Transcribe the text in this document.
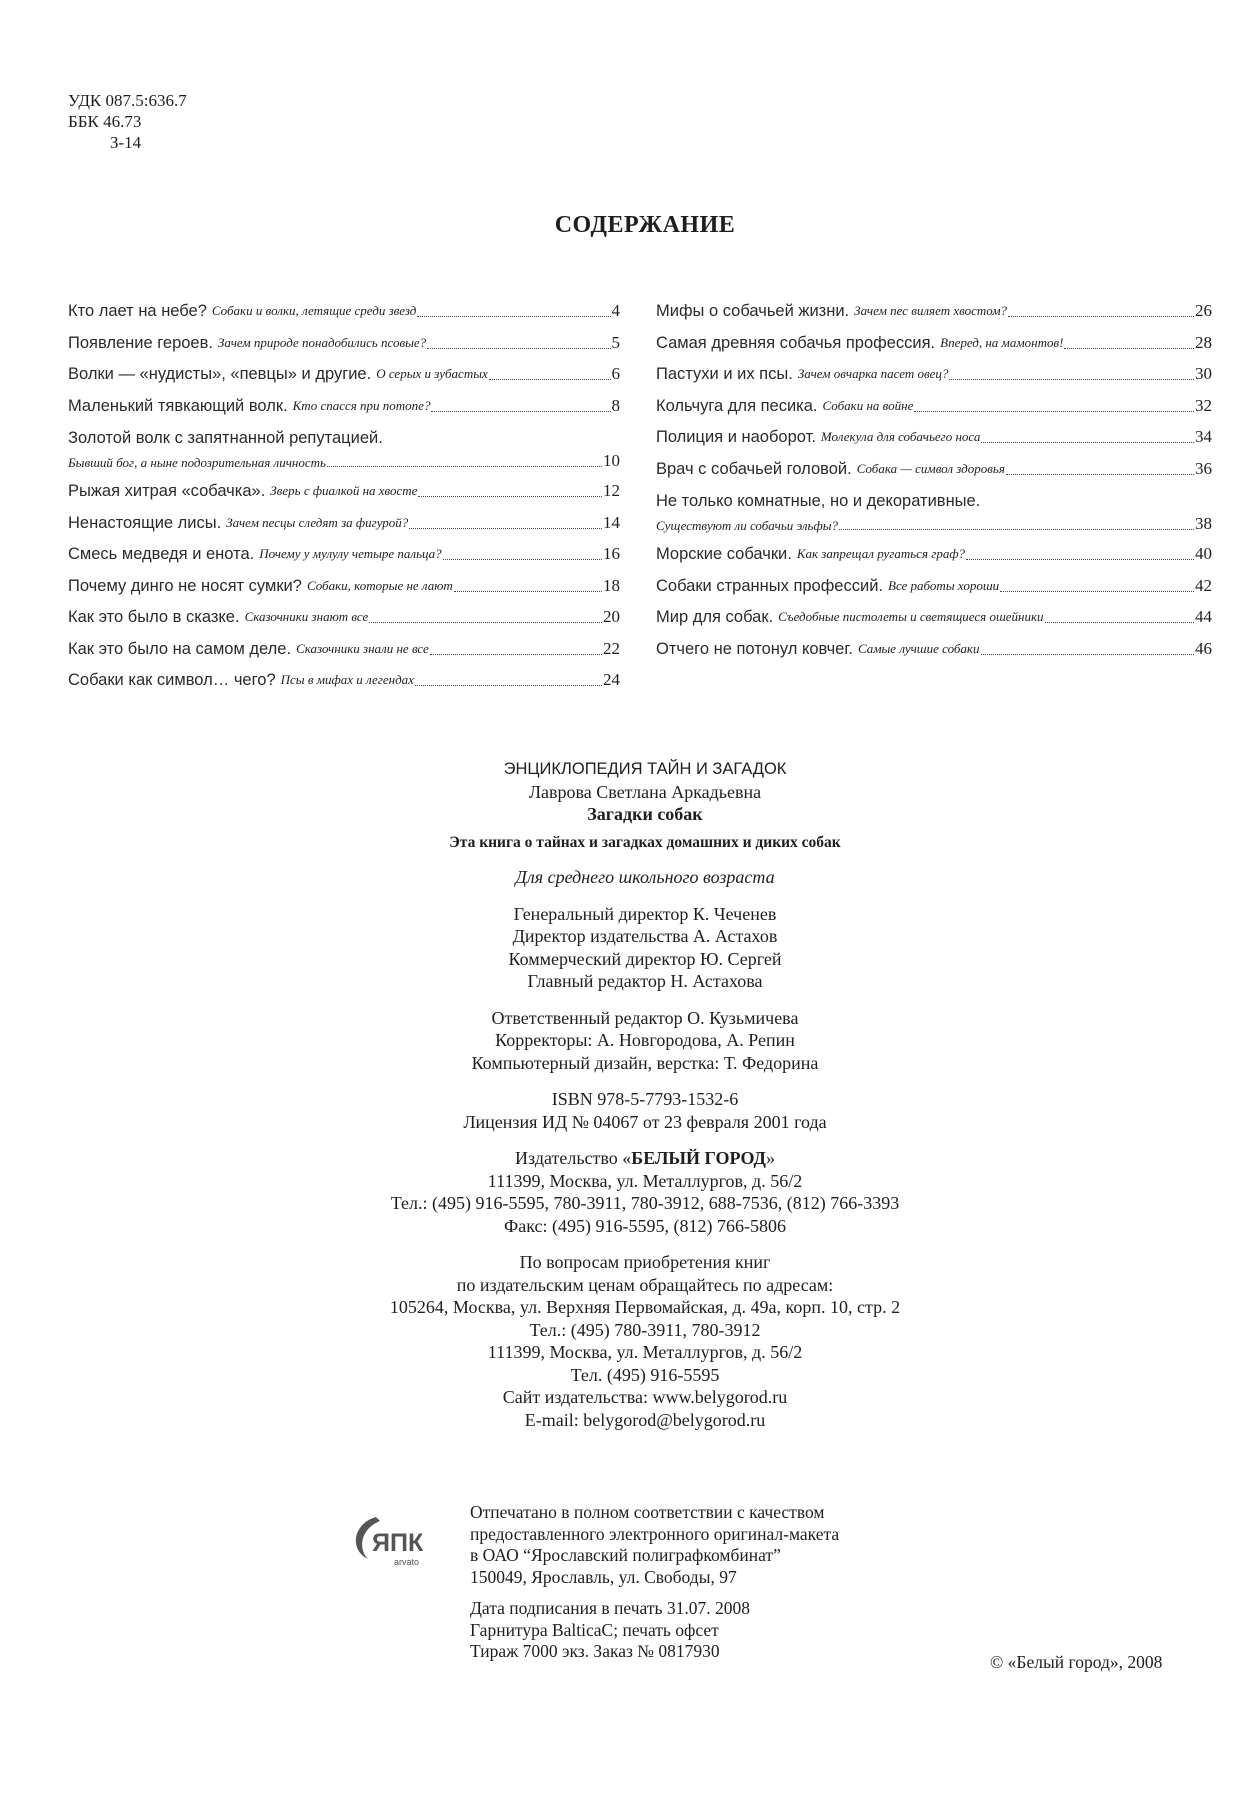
УДК 087.5:636.7
ББК 46.73
З-14
СОДЕРЖАНИЕ
Кто лает на небе? Собаки и волки, летящие среди звезд	4
Появление героев. Зачем природе понадобились псовые?	5
Волки — «нудисты», «певцы» и другие. О серых и зубастых	6
Маленький тявкающий волк. Кто спасся при потопе?	8
Золотой волк с запятнанной репутацией.
Бывший бог, а ныне подозрительная личность	10
Рыжая хитрая «собачка». Зверь с фиалкой на хвосте	12
Ненастоящие лисы. Зачем песцы следят за фигурой?	14
Смесь медведя и енота. Почему у мулулу четыре пальца?	16
Почему динго не носят сумки? Собаки, которые не лают	18
Как это было в сказке. Сказочники знают все	20
Как это было на самом деле. Сказочники знали не все	22
Собаки как символ… чего? Псы в мифах и легендах	24
Мифы о собачьей жизни. Зачем пес виляет хвостом?	26
Самая древняя собачья профессия. Вперед, на мамонтов!	28
Пастухи и их псы. Зачем овчарка пасет овец?	30
Кольчуга для песика. Собаки на войне	32
Полиция и наоборот. Молекула для собачьего носа	34
Врач с собачьей головой. Собака — символ здоровья	36
Не только комнатные, но и декоративные.
Существуют ли собачьи эльфы?	38
Морские собачки. Как запрещал ругаться граф?	40
Собаки странных профессий. Все работы хороши	42
Мир для собак. Съедобные пистолеты и светящиеся ошейники	44
Отчего не потонул ковчег. Самые лучшие собаки	46
ЭНЦИКЛОПЕДИЯ ТАЙН И ЗАГАДОК
Лаврова Светлана Аркадьевна
Загадки собак
Эта книга о тайнах и загадках домашних и диких собак
Для среднего школьного возраста
Генеральный директор К. Чеченев
Директор издательства А. Астахов
Коммерческий директор Ю. Сергей
Главный редактор Н. Астахова
Ответственный редактор О. Кузьмичева
Корректоры: А. Новгородова, А. Репин
Компьютерный дизайн, верстка: Т. Федорина
ISBN 978-5-7793-1532-6
Лицензия ИД № 04067 от 23 февраля 2001 года
Издательство «БЕЛЫЙ ГОРОД»
111399, Москва, ул. Металлургов, д. 56/2
Тел.: (495) 916-5595, 780-3911, 780-3912, 688-7536, (812) 766-3393
Факс: (495) 916-5595, (812) 766-5806
По вопросам приобретения книг
по издательским ценам обращайтесь по адресам:
105264, Москва, ул. Верхняя Первомайская, д. 49а, корп. 10, стр. 2
Тел.: (495) 780-3911, 780-3912
111399, Москва, ул. Металлургов, д. 56/2
Тел. (495) 916-5595
Сайт издательства: www.belygorod.ru
E-mail: belygorod@belygorod.ru
ЯПК
arvato
Отпечатано в полном соответствии с качеством
предоставленного электронного оригинал-макета
в ОАО “Ярославский полиграфкомбинат”
150049, Ярославль, ул. Свободы, 97
Дата подписания в печать 31.07. 2008
Гарнитура BalticaC; печать офсет
Тираж 7000 экз. Заказ № 0817930
© «Белый город», 2008
